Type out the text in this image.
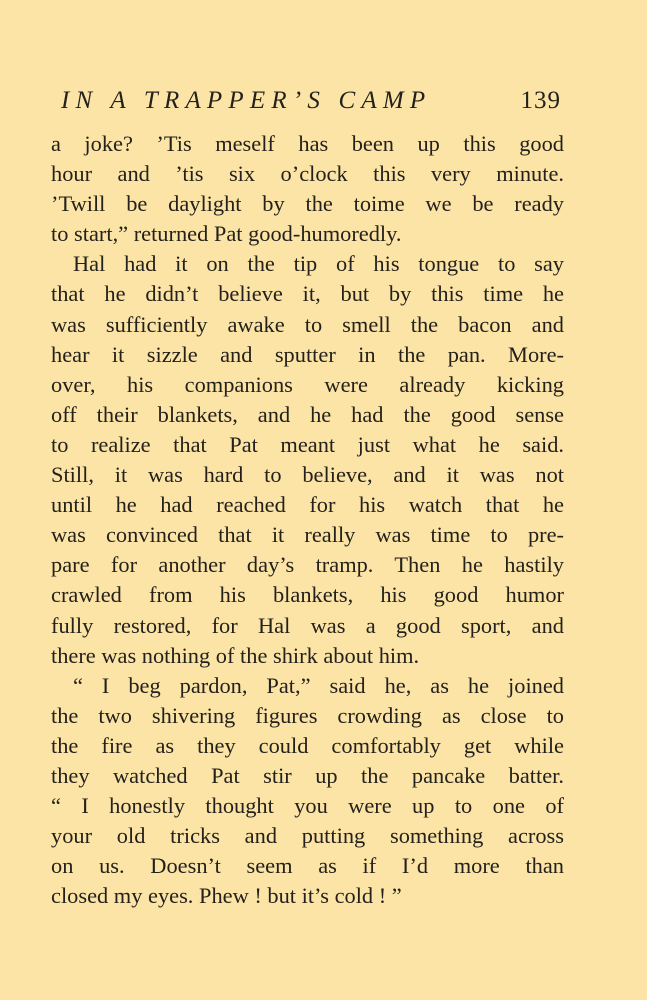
IN A TRAPPER’S CAMP	139
a joke? ’Tis meself has been up this good
hour and ’tis six o’clock this very minute.
’Twill be daylight by the toime we be ready
to start,” returned Pat good-humoredly.
Hal had it on the tip of his tongue to say
that he didn’t believe it, but by this time he
was sufficiently awake to smell the bacon and
hear it sizzle and sputter in the pan. More-
over, his companions were already kicking
off their blankets, and he had the good sense
to realize that Pat meant just what he said.
Still, it was hard to believe, and it was not
until he had reached for his watch that he
was convinced that it really was time to pre-
pare for another day’s tramp. Then he hastily
crawled from his blankets, his good humor
fully restored, for Hal was a good sport, and
there was nothing of the shirk about him.
“ I beg pardon, Pat,” said he, as he joined
the two shivering figures crowding as close to
the fire as they could comfortably get while
they watched Pat stir up the pancake batter.
“ I honestly thought you were up to one of
your old tricks and putting something across
on us. Doesn’t seem as if I’d more than
closed my eyes. Phew ! but it’s cold ! ”
